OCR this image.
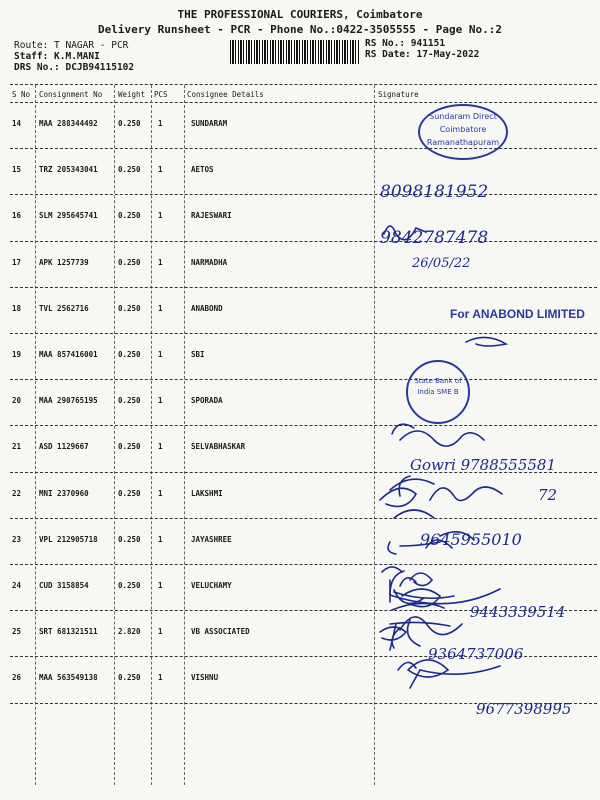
THE PROFESSIONAL COURIERS, Coimbatore
Delivery Runsheet - PCR - Phone No.:0422-3505555 - Page No.:2
Route: T NAGAR - PCR
Staff: K.M.MANI
DRS No.: DCJB94115102
RS No.: 941151
RS Date: 17-May-2022
S No Consignment No Weight PCS	Consignee Details	Signature
14 MAA 288344492	0.250 1	SUNDARAM
15 TRZ 205343041	0.250 1	AETOS
16 SLM 295645741	0.250 1	RAJESWARI
17 APK 1257739	0.250 1	NARMADHA
18 TVL 2562716	0.250 1	ANABOND
19 MAA 857416001	0.250 1	SBI
20 MAA 290765195	0.250 1	SPORADA
21 ASD 1129667	0.250 1	SELVABHASKAR
22 MNI 2370960	0.250 1	LAKSHMI
23 VPL 212905718	0.250 1	JAYASHREE
24 CUD 3158854	0.250 1	VELUCHAMY
25 SRT 681321511	2.820 1	VB ASSOCIATED
26 MAA 563549138	0.250 1	VISHNU
Sundaram Direct Coimbatore Ramanathapuram
For ANABOND LIMITED
State Bank of India SME B
8098181952
9842787478
26/05/22
Gowri 9788555581
72
9645955010
9443339514
9364737006
9677398995
